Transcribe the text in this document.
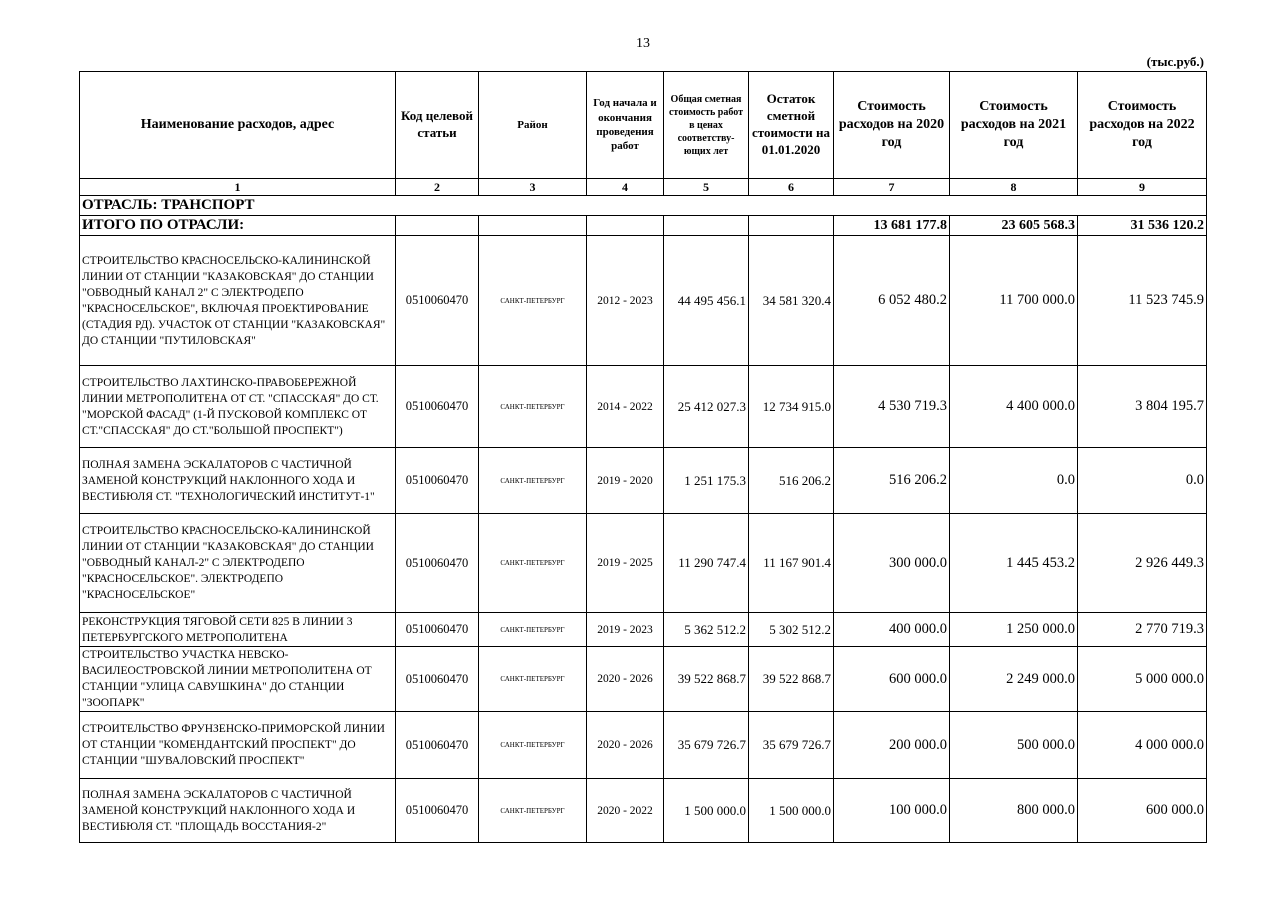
13
(тыс.руб.)
Наименование расходов, адрес	Код целевой статьи	Район	Год начала и окончания проведения работ	Общая сметная стоимость работ в ценах соответству-ющих лет	Остаток сметной стоимости на 01.01.2020	Стоимость расходов на 2020 год	Стоимость расходов на 2021 год	Стоимость расходов на 2022 год
1	2	3	4	5	6	7	8	9
ОТРАСЛЬ: ТРАНСПОРТ								
ИТОГО ПО ОТРАСЛИ:						13 681 177.8	23 605 568.3	31 536 120.2
СТРОИТЕЛЬСТВО КРАСНОСЕЛЬСКО-КАЛИНИНСКОЙ ЛИНИИ ОТ СТАНЦИИ "КАЗАКОВСКАЯ" ДО СТАНЦИИ "ОБВОДНЫЙ КАНАЛ 2" С ЭЛЕКТРОДЕПО "КРАСНОСЕЛЬСКОЕ", ВКЛЮЧАЯ ПРОЕКТИРОВАНИЕ (СТАДИЯ РД). УЧАСТОК ОТ СТАНЦИИ "КАЗАКОВСКАЯ" ДО СТАНЦИИ "ПУТИЛОВСКАЯ"	0510060470	САНКТ-ПЕТЕРБУРГ	2012 - 2023	44 495 456.1	34 581 320.4	6 052 480.2	11 700 000.0	11 523 745.9
СТРОИТЕЛЬСТВО ЛАХТИНСКО-ПРАВОБЕРЕЖНОЙ ЛИНИИ МЕТРОПОЛИТЕНА ОТ СТ. "СПАССКАЯ" ДО СТ. "МОРСКОЙ ФАСАД" (1-Й ПУСКОВОЙ КОМПЛЕКС ОТ СТ."СПАССКАЯ" ДО СТ."БОЛЬШОЙ ПРОСПЕКТ")	0510060470	САНКТ-ПЕТЕРБУРГ	2014 - 2022	25 412 027.3	12 734 915.0	4 530 719.3	4 400 000.0	3 804 195.7
ПОЛНАЯ ЗАМЕНА ЭСКАЛАТОРОВ С ЧАСТИЧНОЙ ЗАМЕНОЙ КОНСТРУКЦИЙ НАКЛОННОГО ХОДА И ВЕСТИБЮЛЯ СТ. "ТЕХНОЛОГИЧЕСКИЙ ИНСТИТУТ-1"	0510060470	САНКТ-ПЕТЕРБУРГ	2019 - 2020	1 251 175.3	516 206.2	516 206.2	0.0	0.0
СТРОИТЕЛЬСТВО КРАСНОСЕЛЬСКО-КАЛИНИНСКОЙ ЛИНИИ ОТ СТАНЦИИ "КАЗАКОВСКАЯ" ДО СТАНЦИИ "ОБВОДНЫЙ КАНАЛ-2" С ЭЛЕКТРОДЕПО "КРАСНОСЕЛЬСКОЕ". ЭЛЕКТРОДЕПО "КРАСНОСЕЛЬСКОЕ"	0510060470	САНКТ-ПЕТЕРБУРГ	2019 - 2025	11 290 747.4	11 167 901.4	300 000.0	1 445 453.2	2 926 449.3
РЕКОНСТРУКЦИЯ ТЯГОВОЙ СЕТИ 825 В ЛИНИИ 3 ПЕТЕРБУРГСКОГО МЕТРОПОЛИТЕНА	0510060470	САНКТ-ПЕТЕРБУРГ	2019 - 2023	5 362 512.2	5 302 512.2	400 000.0	1 250 000.0	2 770 719.3
СТРОИТЕЛЬСТВО УЧАСТКА НЕВСКО-ВАСИЛЕОСТРОВСКОЙ ЛИНИИ МЕТРОПОЛИТЕНА ОТ СТАНЦИИ "УЛИЦА САВУШКИНА" ДО СТАНЦИИ "ЗООПАРК"	0510060470	САНКТ-ПЕТЕРБУРГ	2020 - 2026	39 522 868.7	39 522 868.7	600 000.0	2 249 000.0	5 000 000.0
СТРОИТЕЛЬСТВО ФРУНЗЕНСКО-ПРИМОРСКОЙ ЛИНИИ ОТ СТАНЦИИ "КОМЕНДАНТСКИЙ ПРОСПЕКТ" ДО СТАНЦИИ "ШУВАЛОВСКИЙ ПРОСПЕКТ"	0510060470	САНКТ-ПЕТЕРБУРГ	2020 - 2026	35 679 726.7	35 679 726.7	200 000.0	500 000.0	4 000 000.0
ПОЛНАЯ ЗАМЕНА ЭСКАЛАТОРОВ С ЧАСТИЧНОЙ ЗАМЕНОЙ КОНСТРУКЦИЙ НАКЛОННОГО ХОДА И ВЕСТИБЮЛЯ СТ. "ПЛОЩАДЬ ВОССТАНИЯ-2"	0510060470	САНКТ-ПЕТЕРБУРГ	2020 - 2022	1 500 000.0	1 500 000.0	100 000.0	800 000.0	600 000.0
